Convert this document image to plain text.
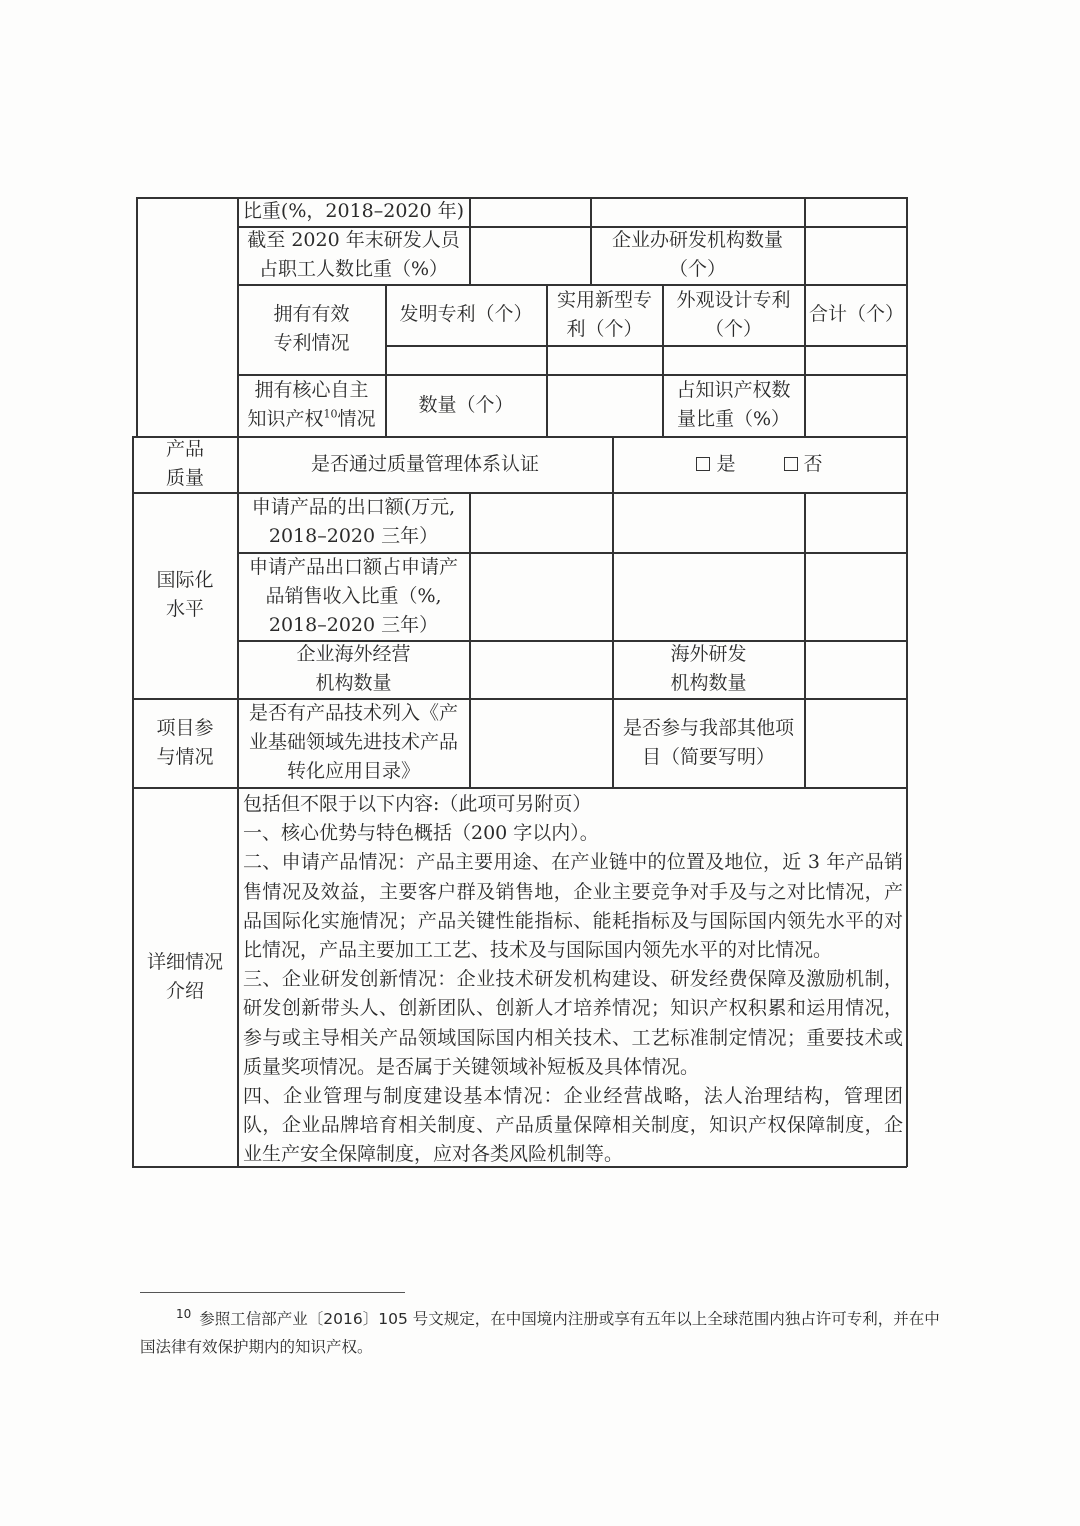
比重(%，2018–2020 年)
截至 2020 年末研发人员
占职工人数比重（%）
企业办研发机构数量
（个）
拥有有效
专利情况
发明专利（个）
实用新型专
利（个）
外观设计专利
（个）
合计（个）
拥有核心自主
知识产权$^{10}$情况
数量（个）
占知识产权数
量比重（%）
产品
质量
是否通过质量管理体系认证	是	否
国际化
水平
申请产品的出口额(万元,
2018–2020 三年）
申请产品出口额占申请产
品销售收入比重（%,
2018–2020 三年）
企业海外经营
机构数量
海外研发
机构数量
项目参
与情况
是否有产品技术列入《产
业基础领域先进技术产品
转化应用目录》
是否参与我部其他项
目（简要写明）
详细情况
介绍

包括但不限于以下内容:（此项可另附页）

一、核心优势与特色概括（200 字以内）。

二、申请产品情况：产品主要用途、在产业链中的位置及地位，近 3 年产品销售情况及效益，主要客户群及销售地，企业主要竞争对手及与之对比情况，产品国际化实施情况；产品关键性能指标、能耗指标及与国际国内领先水平的对比情况，产品主要加工工艺、技术及与国际国内领先水平的对比情况。

三、企业研发创新情况：企业技术研发机构建设、研发经费保障及激励机制，研发创新带头人、创新团队、创新人才培养情况；知识产权积累和运用情况，参与或主导相关产品领域国际国内相关技术、工艺标准制定情况；重要技术或质量奖项情况。是否属于关键领域补短板及具体情况。

四、企业管理与制度建设基本情况：企业经营战略，法人治理结构，管理团队，企业品牌培育相关制度、产品质量保障相关制度，知识产权保障制度，企业生产安全保障制度，应对各类风险机制等。

$^{10}$ 参照工信部产业〔2016〕105 号文规定，在中国境内注册或享有五年以上全球范围内独占许可专利，并在中国法律有效保护期内的知识产权。
